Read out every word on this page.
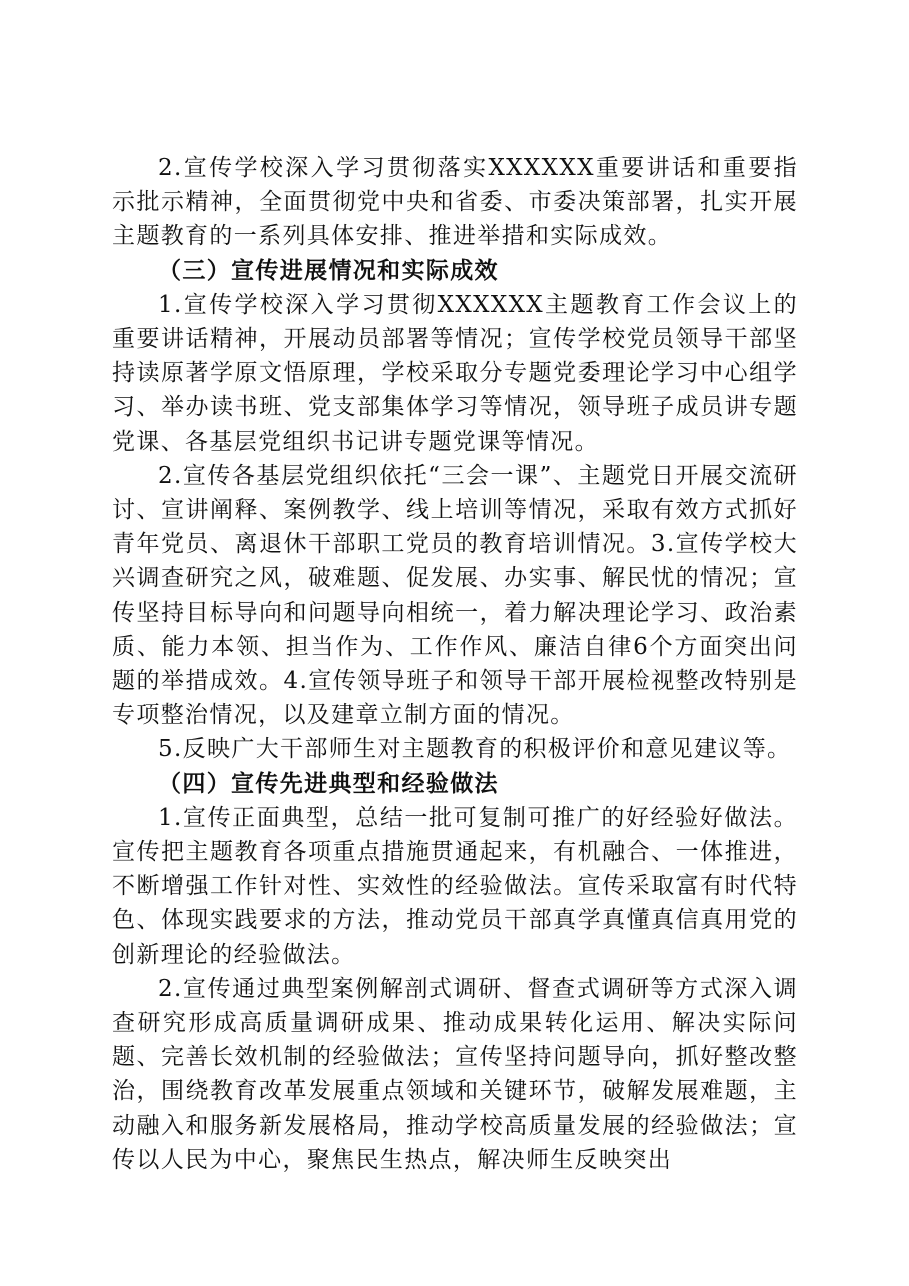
2.宣传学校深入学习贯彻落实XXXXXX重要讲话和重要指示批示精神，全面贯彻党中央和省委、市委决策部署，扎实开展主题教育的一系列具体安排、推进举措和实际成效。

（三）宣传进展情况和实际成效

1.宣传学校深入学习贯彻XXXXXX主题教育工作会议上的重要讲话精神，开展动员部署等情况；宣传学校党员领导干部坚持读原著学原文悟原理，学校采取分专题党委理论学习中心组学习、举办读书班、党支部集体学习等情况，领导班子成员讲专题党课、各基层党组织书记讲专题党课等情况。

2.宣传各基层党组织依托“三会一课”、主题党日开展交流研讨、宣讲阐释、案例教学、线上培训等情况，采取有效方式抓好青年党员、离退休干部职工党员的教育培训情况。3.宣传学校大兴调查研究之风，破难题、促发展、办实事、解民忧的情况；宣传坚持目标导向和问题导向相统一，着力解决理论学习、政治素质、能力本领、担当作为、工作作风、廉洁自律6个方面突出问题的举措成效。4.宣传领导班子和领导干部开展检视整改特别是专项整治情况，以及建章立制方面的情况。

5.反映广大干部师生对主题教育的积极评价和意见建议等。

（四）宣传先进典型和经验做法

1.宣传正面典型，总结一批可复制可推广的好经验好做法。宣传把主题教育各项重点措施贯通起来，有机融合、一体推进，不断增强工作针对性、实效性的经验做法。宣传采取富有时代特色、体现实践要求的方法，推动党员干部真学真懂真信真用党的创新理论的经验做法。

2.宣传通过典型案例解剖式调研、督查式调研等方式深入调查研究形成高质量调研成果、推动成果转化运用、解决实际问题、完善长效机制的经验做法；宣传坚持问题导向，抓好整改整治，围绕教育改革发展重点领域和关键环节，破解发展难题，主动融入和服务新发展格局，推动学校高质量发展的经验做法；宣传以人民为中心，聚焦民生热点，解决师生反映突出
